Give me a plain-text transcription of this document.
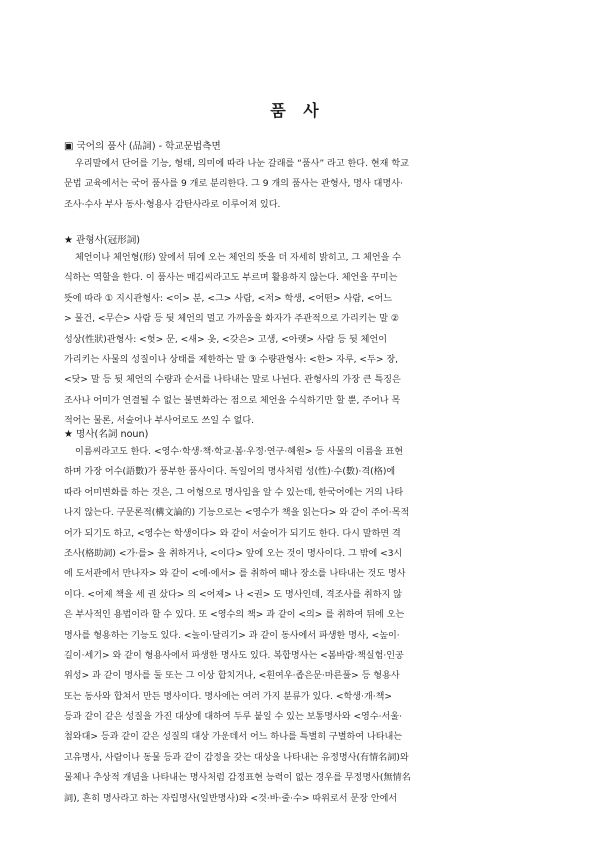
품 사

▣ 국어의 품사 (品詞) - 학교문법측면

우리말에서 단어를 기능, 형태, 의미에 따라 나눈 갈래를 “품사” 라고 한다. 현재 학교
문법 교육에서는 국어 품사를 9 개로 분리한다. 그 9 개의 품사는 관형사, 명사 대명사·
조사·수사 부사 동사·형용사 감탄사라로 이루어져 있다.

★ 관형사(冠形詞)

체언이나 체언형(形) 앞에서 뒤에 오는 체언의 뜻을 더 자세히 밝히고, 그 체언을 수
식하는 역할을 한다. 이 품사는 매김씨라고도 부르며 활용하지 않는다. 체언을 꾸미는
뜻에 따라 ① 지시관형사: <이> 분, <그> 사람, <저> 학생, <어떤> 사람, <어느
> 물건, <무슨> 사람 등 뒷 체언의 멀고 가까움을 화자가 주관적으로 가리키는 말 ②
성상(性狀)관형사: <헛> 문, <새> 옷, <갖은> 고생, <아랫> 사람 등 뒷 체언이
가리키는 사물의 성질이나 상태를 제한하는 말 ③ 수량관형사: <한> 자루, <두> 장,
<닷> 말 등 뒷 체언의 수량과 순서를 나타내는 말로 나뉜다. 관형사의 가장 큰 특징은
조사나 어미가 연결될 수 없는 불변화라는 점으로 체언을 수식하기만 할 뿐, 주어나 목
적어는 물론, 서술어나 부사어로도 쓰일 수 없다.

★ 명사(名詞 noun)

이름씨라고도 한다. <영수·학생·책·학교·봄·우정·연구·혜원> 등 사물의 이름을 표현
하며 가장 어수(語數)가 풍부한 품사이다. 독일어의 명사처럼 성(性)·수(數)·격(格)에
따라 어미변화를 하는 것은, 그 어형으로 명사임을 알 수 있는데, 한국어에는 거의 나타
나지 않는다. 구문론적(構文論的) 기능으로는 <영수가 책을 읽는다> 와 같이 주어·목적
어가 되기도 하고, <영수는 학생이다> 와 같이 서술어가 되기도 한다. 다시 말하면 격
조사(格助詞) <가·를> 을 취하거나, <이다> 앞에 오는 것이 명사이다. 그 밖에 <3시
에 도서관에서 만나자> 와 같이 <에·에서> 를 취하여 때나 장소를 나타내는 것도 명사
이다. <어제 책을 세 권 샀다> 의 <어제> 나 <권> 도 명사인데, 격조사를 취하지 않
은 부사적인 용법이라 할 수 있다. 또 <영수의 책> 과 같이 <의> 를 취하여 뒤에 오는
명사를 형용하는 기능도 있다. <놀이·달리기> 과 같이 동사에서 파생한 명사, <높이·
길이·세기> 와 같이 형용사에서 파생한 명사도 있다. 복합명사는 <봄바람·책실험·인공
위성> 과 같이 명사를 둘 또는 그 이상 합치거나, <흰여우·좁은문·마른풀> 등 형용사
또는 동사와 합쳐서 만든 명사이다. 명사에는 여러 가지 분류가 있다. <학생·개·책>
등과 같이 같은 성질을 가진 대상에 대하여 두루 붙일 수 있는 보통명사와 <영수·서울·
첨와대> 등과 같이 같은 성질의 대상 가운데서 어느 하나를 특별히 구별하여 나타내는
고유명사, 사람이나 동물 등과 같이 감정을 갖는 대상을 나타내는 유정명사(有情名詞)와
물체나 추상적 개념을 나타내는 명사처럼 감정표현 능력이 없는 경우를 무정명사(無情名
詞), 흔히 명사라고 하는 자립명사(일반명사)와 <것·바·줄·수> 따위로서 문장 안에서
